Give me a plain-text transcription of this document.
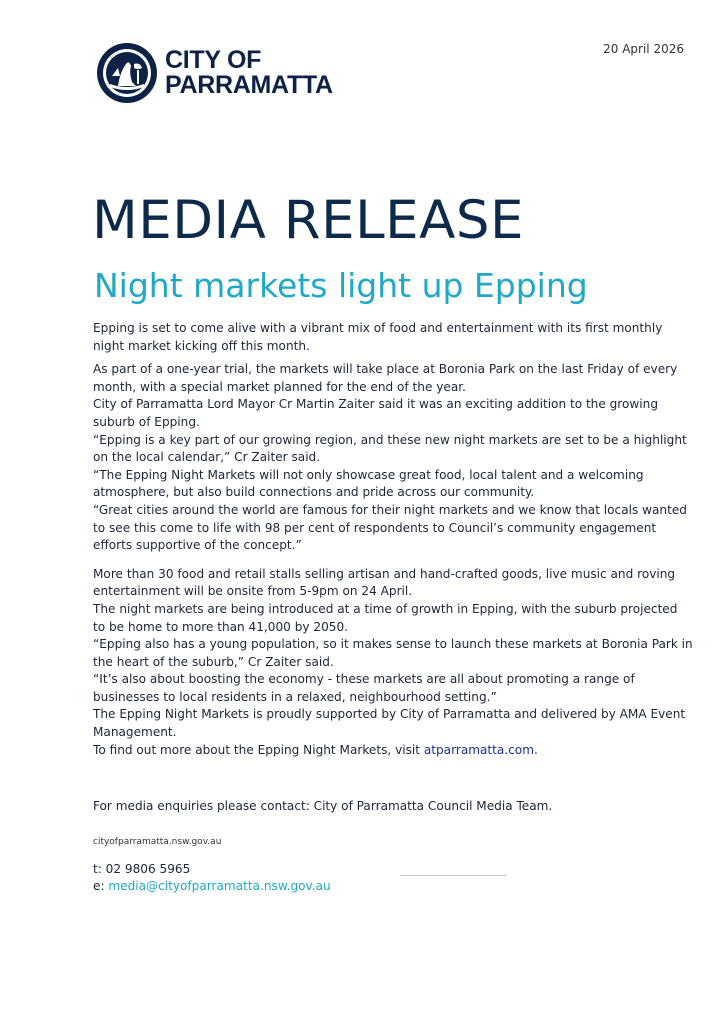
CITY OF
PARRAMATTA
20 April 2026
MEDIA RELEASE
Night markets light up Epping

Epping is set to come alive with a vibrant mix of food and entertainment with its first monthly night market kicking off this month.

As part of a one-year trial, the markets will take place at Boronia Park on the last Friday of every month, with a special market planned for the end of the year.

City of Parramatta Lord Mayor Cr Martin Zaiter said it was an exciting addition to the growing suburb of Epping.

“Epping is a key part of our growing region, and these new night markets are set to be a highlight on the local calendar,” Cr Zaiter said.

“The Epping Night Markets will not only showcase great food, local talent and a welcoming atmosphere, but also build connections and pride across our community.

“Great cities around the world are famous for their night markets and we know that locals wanted to see this come to life with 98 per cent of respondents to Council’s community engagement efforts supportive of the concept.”

More than 30 food and retail stalls selling artisan and hand-crafted goods, live music and roving entertainment will be onsite from 5-9pm on 24 April.

The night markets are being introduced at a time of growth in Epping, with the suburb projected to be home to more than 41,000 by 2050.

“Epping also has a young population, so it makes sense to launch these markets at Boronia Park in the heart of the suburb,” Cr Zaiter said.

“It’s also about boosting the economy - these markets are all about promoting a range of businesses to local residents in a relaxed, neighbourhood setting.”

The Epping Night Markets is proudly supported by City of Parramatta and delivered by AMA Event Management.

To find out more about the Epping Night Markets, visit atparramatta.com.

For media enquiries please contact: City of Parramatta Council Media Team.
cityofparramatta.nsw.gov.au
t: 02 9806 5965
e: media@cityofparramatta.nsw.gov.au
